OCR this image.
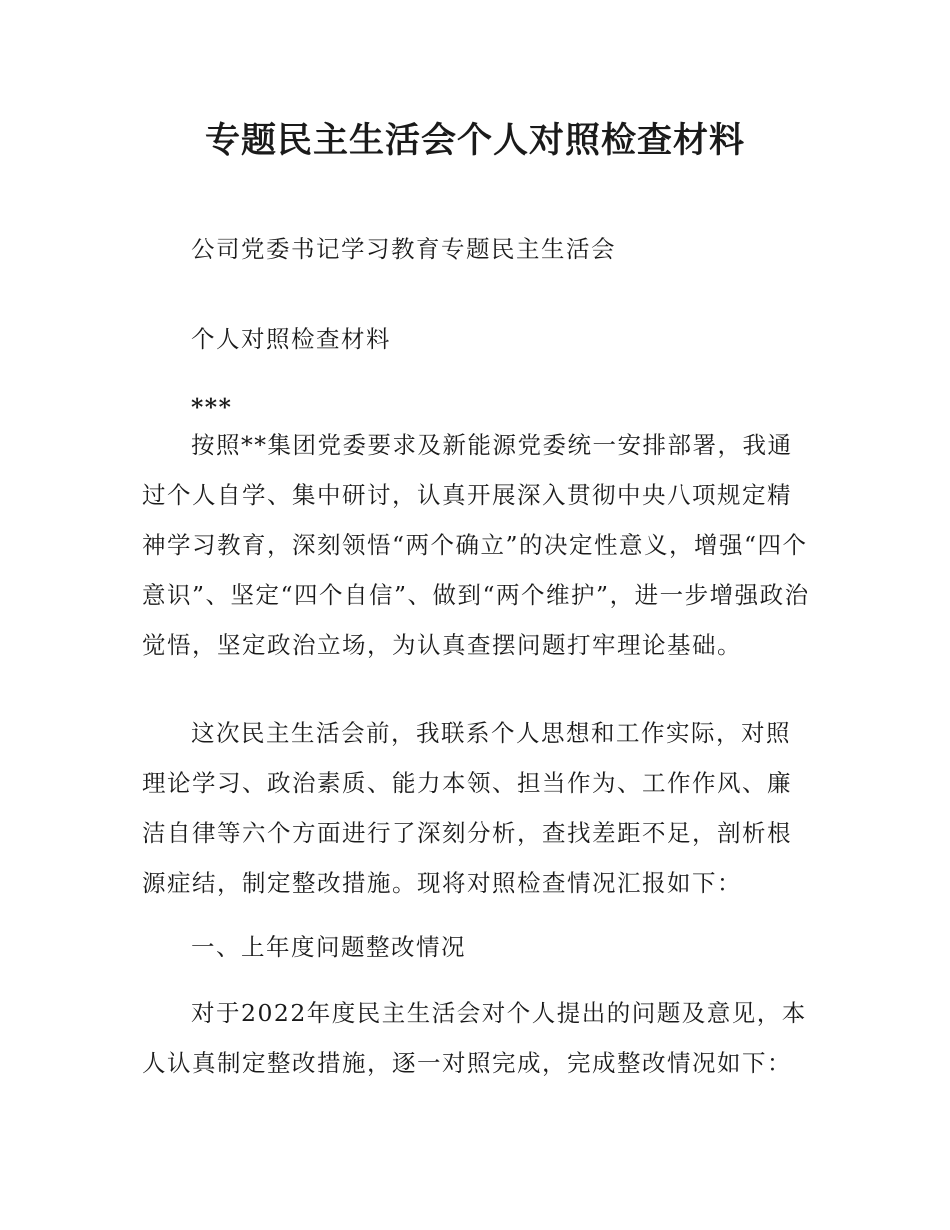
专题民主生活会个人对照检查材料

公司党委书记学习教育专题民主生活会

个人对照检查材料

***

按照**集团党委要求及新能源党委统一安排部署，我通过个人自学、集中研讨，认真开展深入贯彻中央八项规定精神学习教育，深刻领悟“两个确立”的决定性意义，增强“四个意识”、坚定“四个自信”、做到“两个维护”，进一步增强政治觉悟，坚定政治立场，为认真查摆问题打牢理论基础。

这次民主生活会前，我联系个人思想和工作实际，对照理论学习、政治素质、能力本领、担当作为、工作作风、廉洁自律等六个方面进行了深刻分析，查找差距不足，剖析根源症结，制定整改措施。现将对照检查情况汇报如下：

一、上年度问题整改情况

对于2022年度民主生活会对个人提出的问题及意见，本人认真制定整改措施，逐一对照完成，完成整改情况如下：
